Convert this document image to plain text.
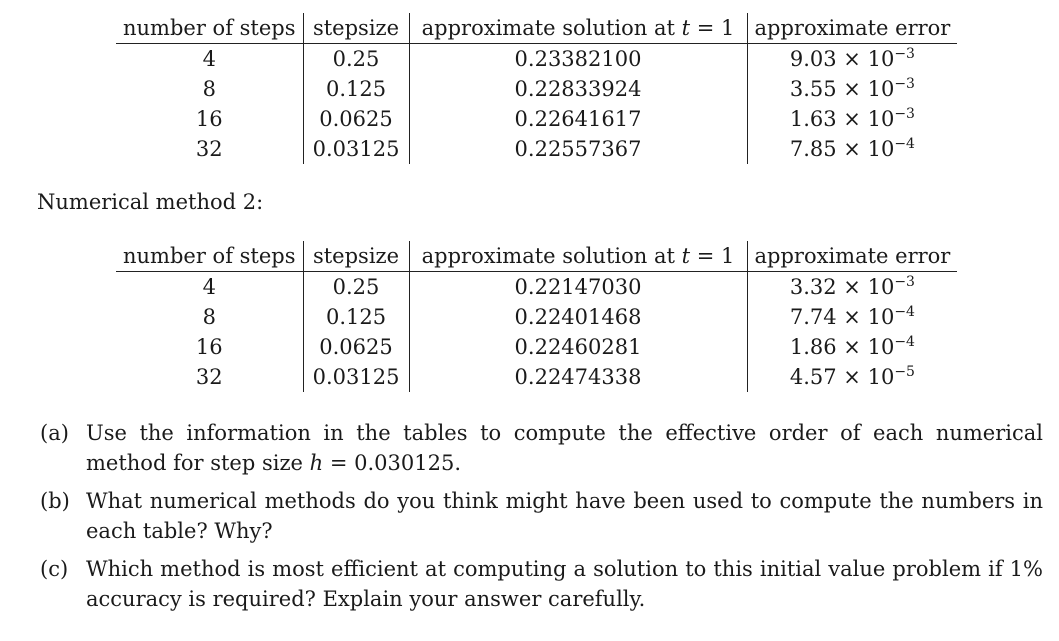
number of steps	stepsize	approximate solution at t = 1	approximate error
4	0.25	0.23382100	$9.03 \times 10^{-3}$
8	0.125	0.22833924	$3.55 \times 10^{-3}$
16	0.0625	0.22641617	$1.63 \times 10^{-3}$
32	0.03125	0.22557367	$7.85 \times 10^{-4}$
Numerical method 2:
number of steps	stepsize	approximate solution at t = 1	approximate error
4	0.25	0.22147030	$3.32 \times 10^{-3}$
8	0.125	0.22401468	$7.74 \times 10^{-4}$
16	0.0625	0.22460281	$1.86 \times 10^{-4}$
32	0.03125	0.22474338	$4.57 \times 10^{-5}$
(a) Use the information in the tables to compute the effective order of each numerical method for step size h = 0.030125.
(b) What numerical methods do you think might have been used to compute the numbers in each table? Why?
(c) Which method is most efficient at computing a solution to this initial value problem if 1% accuracy is required? Explain your answer carefully.
